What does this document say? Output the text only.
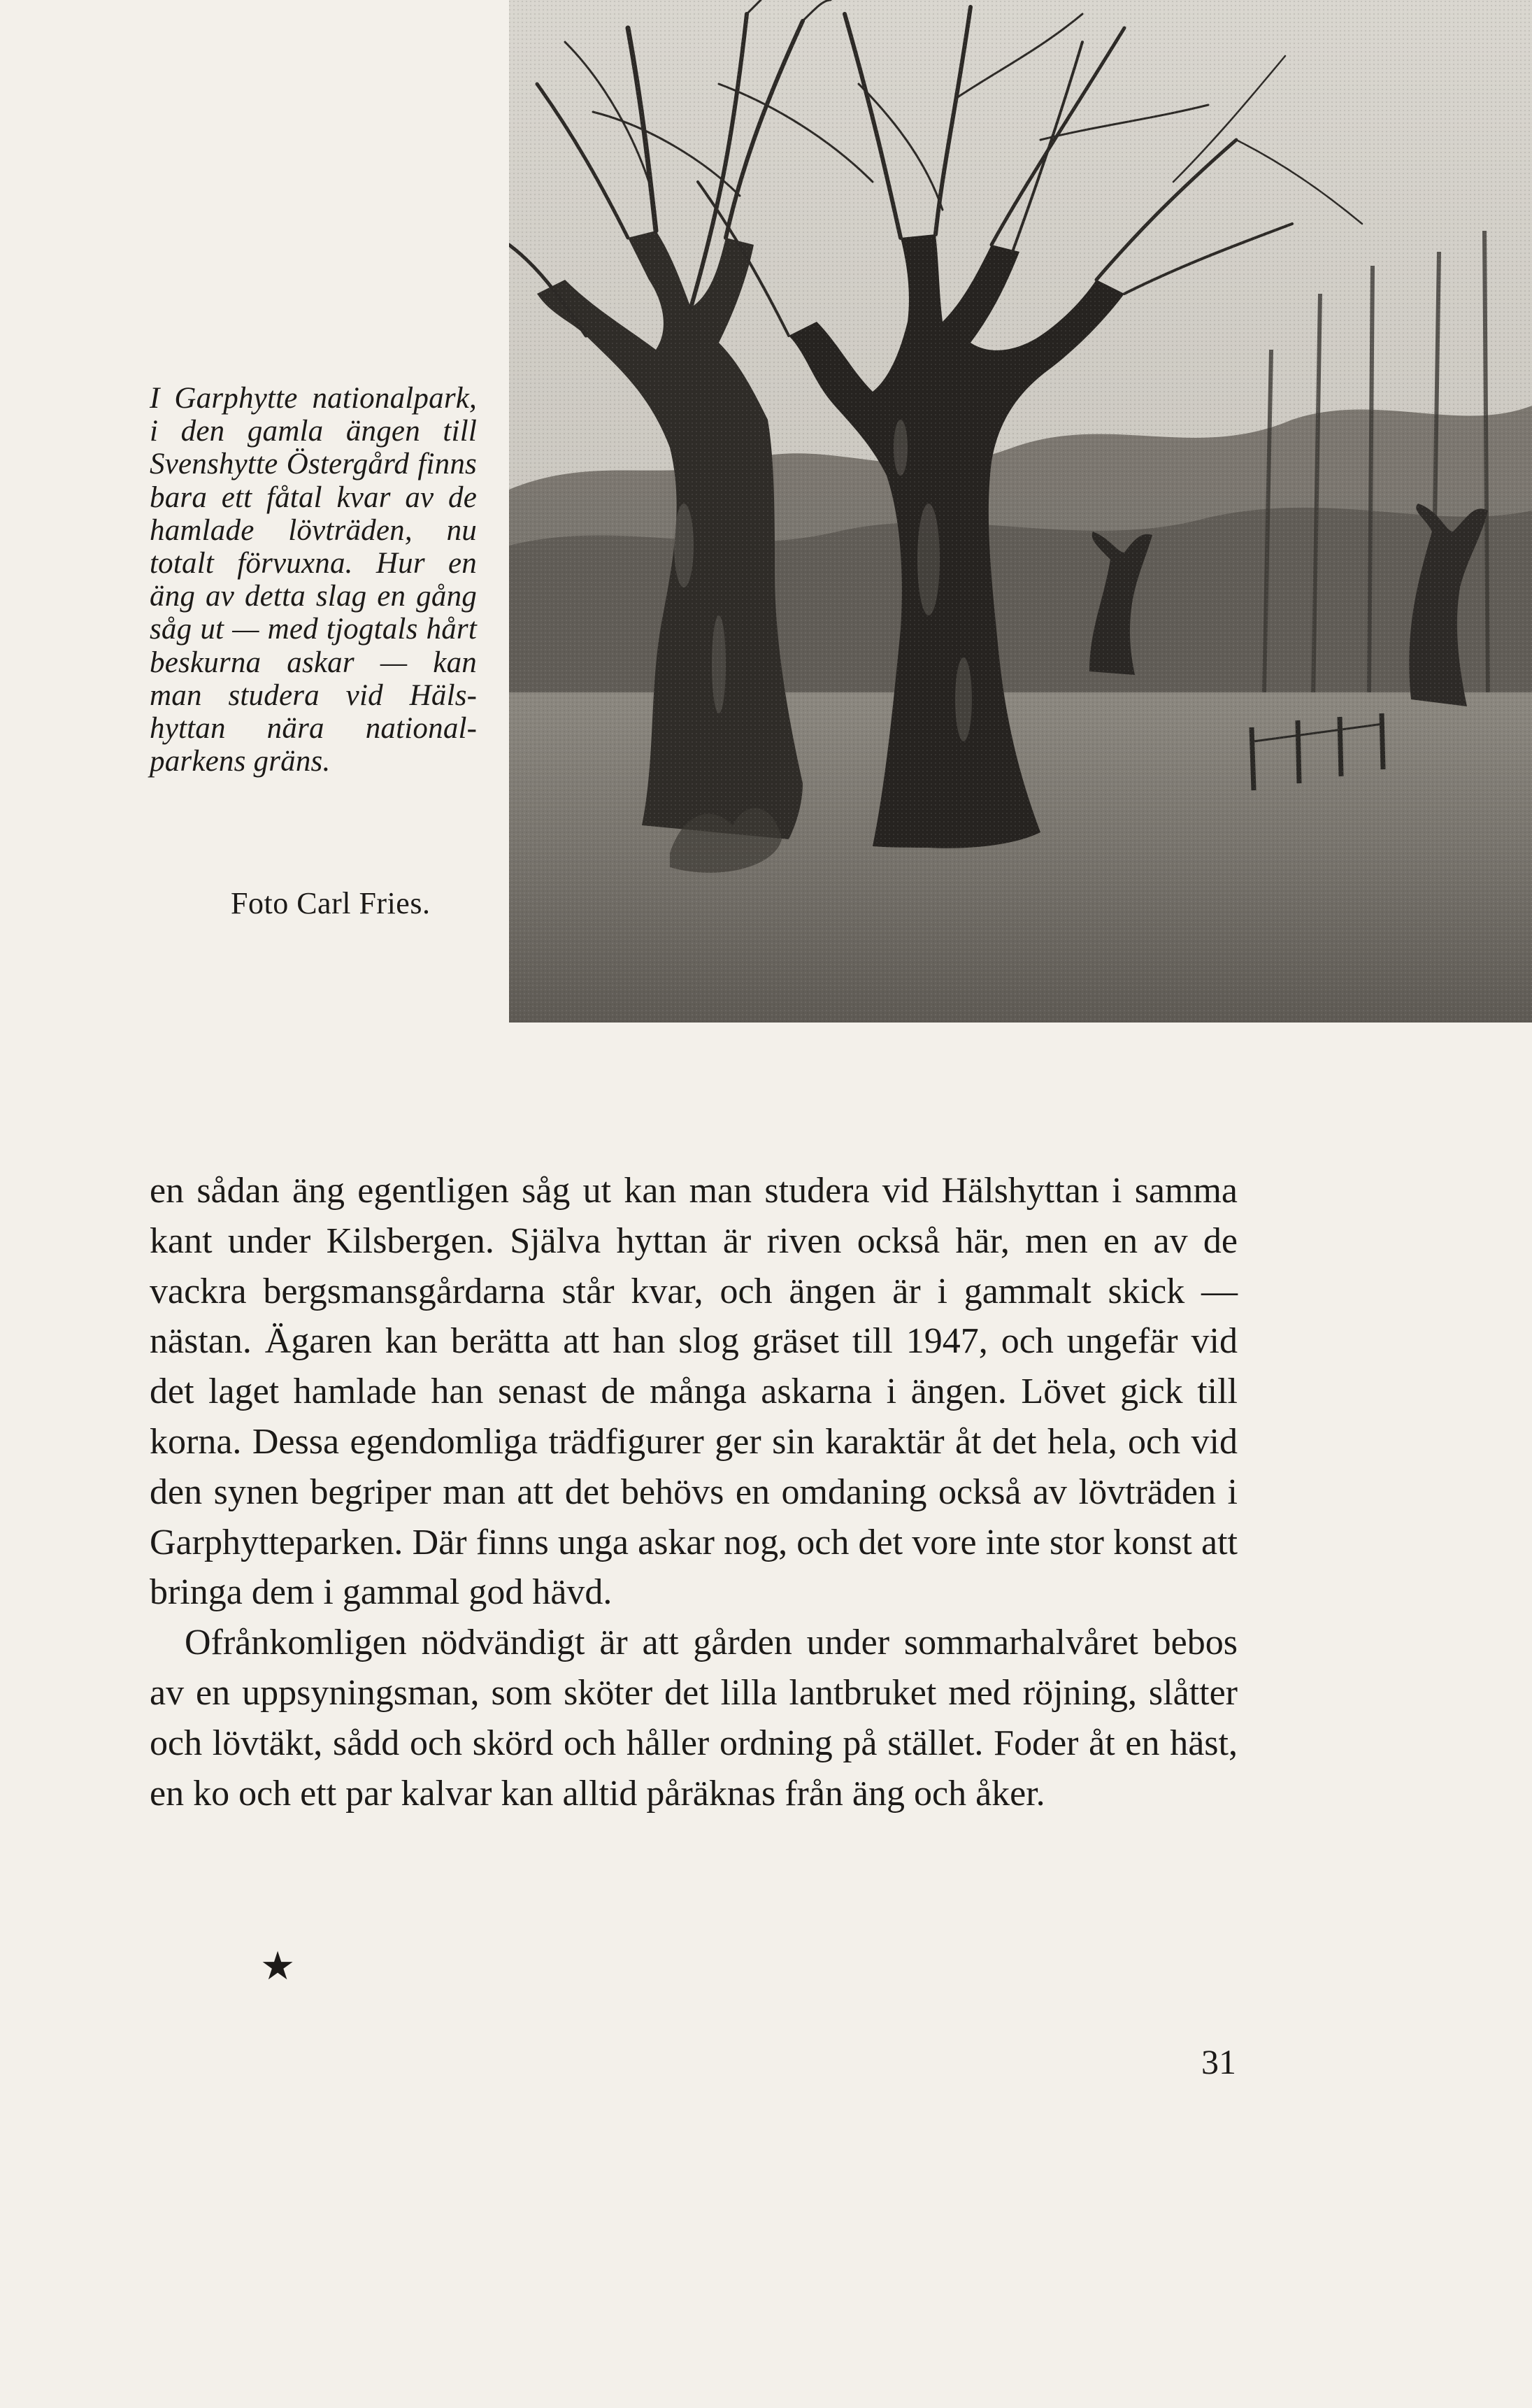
I Garphytte nationalpark, i den gamla ängen till Svenshytte Östergård finns bara ett fåtal kvar av de hamlade lövträden, nu totalt förvuxna. Hur en äng av detta slag en gång såg ut — med tjogtals hårt beskurna askar — kan man studera vid Hälshyttan nära nationalparkens gräns.
Foto Carl Fries.

en sådan äng egentligen såg ut kan man studera vid Hälshyttan i samma kant under Kilsbergen. Själva hyttan är riven också här, men en av de vackra bergsmansgårdarna står kvar, och ängen är i gammalt skick — nästan. Ägaren kan berätta att han slog gräset till 1947, och ungefär vid det laget hamlade han senast de många askarna i ängen. Lövet gick till korna. Dessa egendomliga trädfigurer ger sin karaktär åt det hela, och vid den synen begriper man att det behövs en omdaning också av lövträden i Garphytteparken. Där finns unga askar nog, och det vore inte stor konst att bringa dem i gammal god hävd.

Ofrånkomligen nödvändigt är att gården under sommarhalvåret bebos av en uppsyningsman, som sköter det lilla lantbruket med röjning, slåtter och lövtäkt, sådd och skörd och håller ordning på stället. Foder åt en häst, en ko och ett par kalvar kan alltid påräknas från äng och åker.

★
31
